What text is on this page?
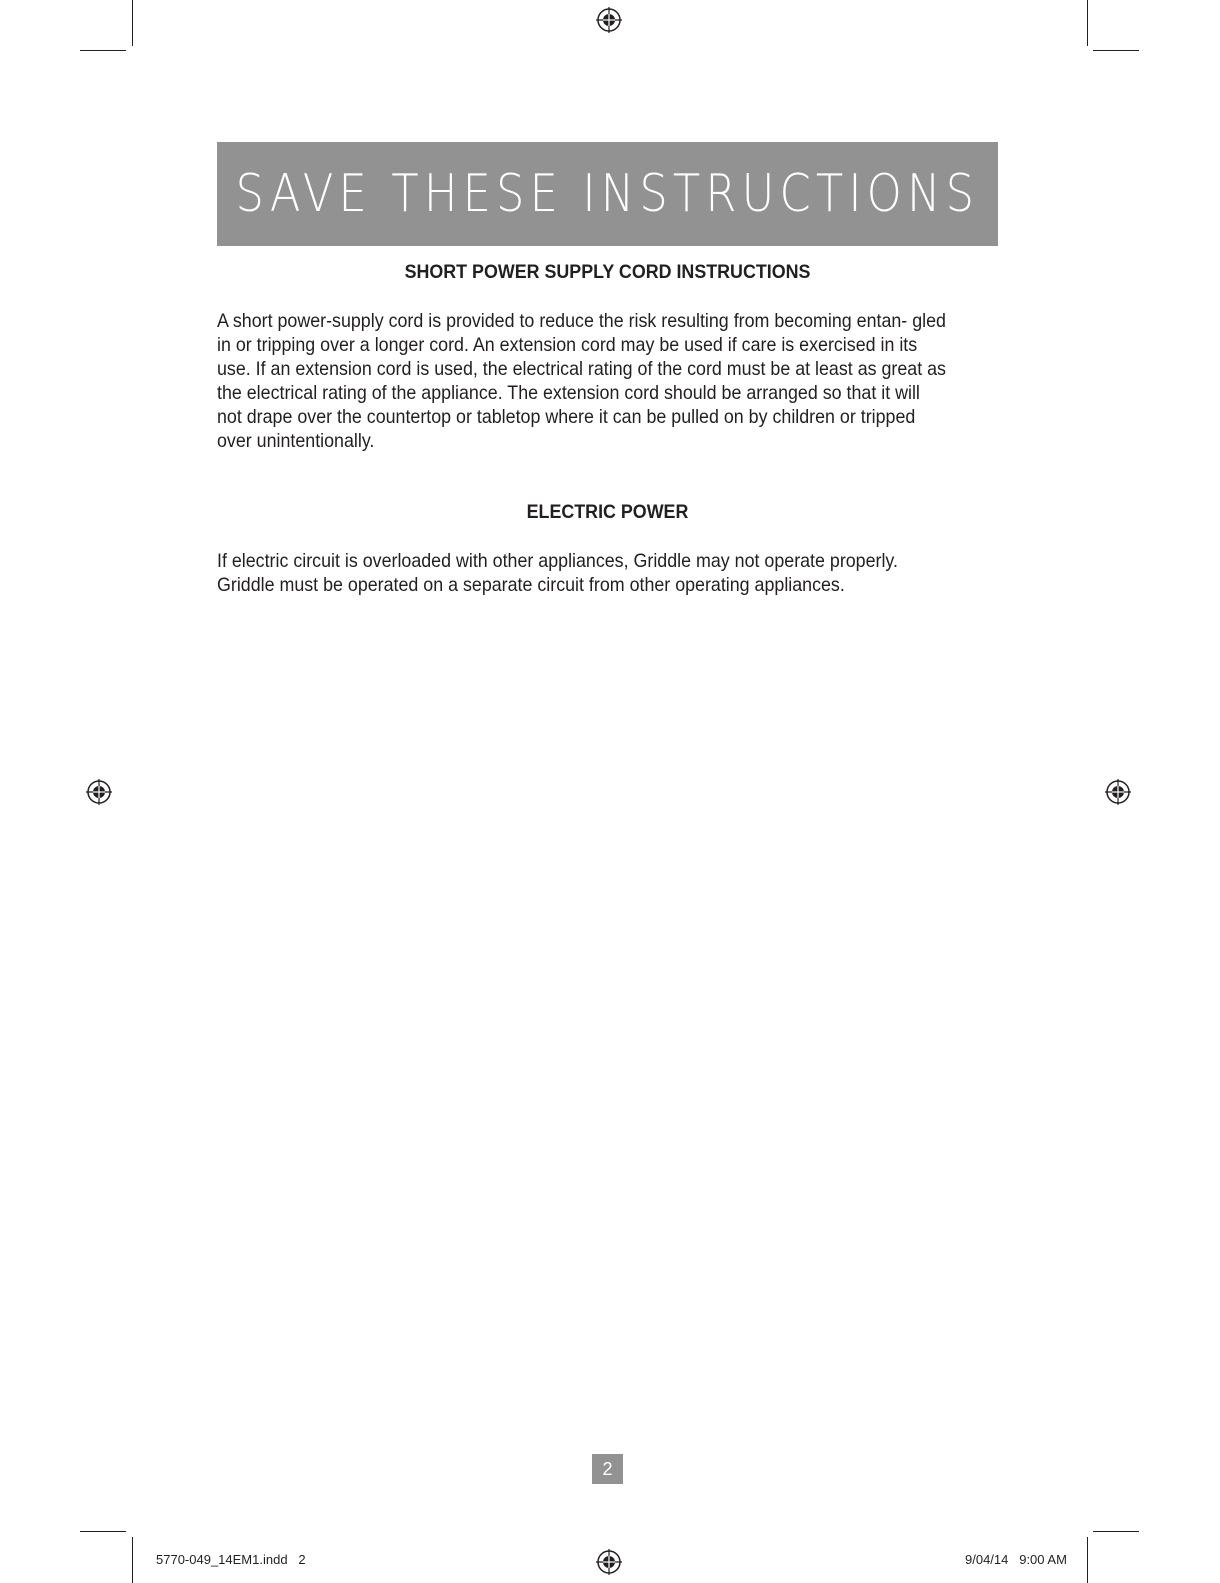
SAVE THESE INSTRUCTIONS
SHORT POWER SUPPLY CORD INSTRUCTIONS
A short power-supply cord is provided to reduce the risk resulting from becoming entan- gled in or tripping over a longer cord. An extension cord may be used if care is exercised in its use. If an extension cord is used, the electrical rating of the cord must be at least as great as the electrical rating of the appliance. The extension cord should be arranged so that it will not drape over the countertop or tabletop where it can be pulled on by children or tripped over unintentionally.
ELECTRIC POWER
If electric circuit is overloaded with other appliances, Griddle may not operate properly. Griddle must be operated on a separate circuit from other operating appliances.
2
5770-049_14EM1.indd   2	9/04/14   9:00 AM
